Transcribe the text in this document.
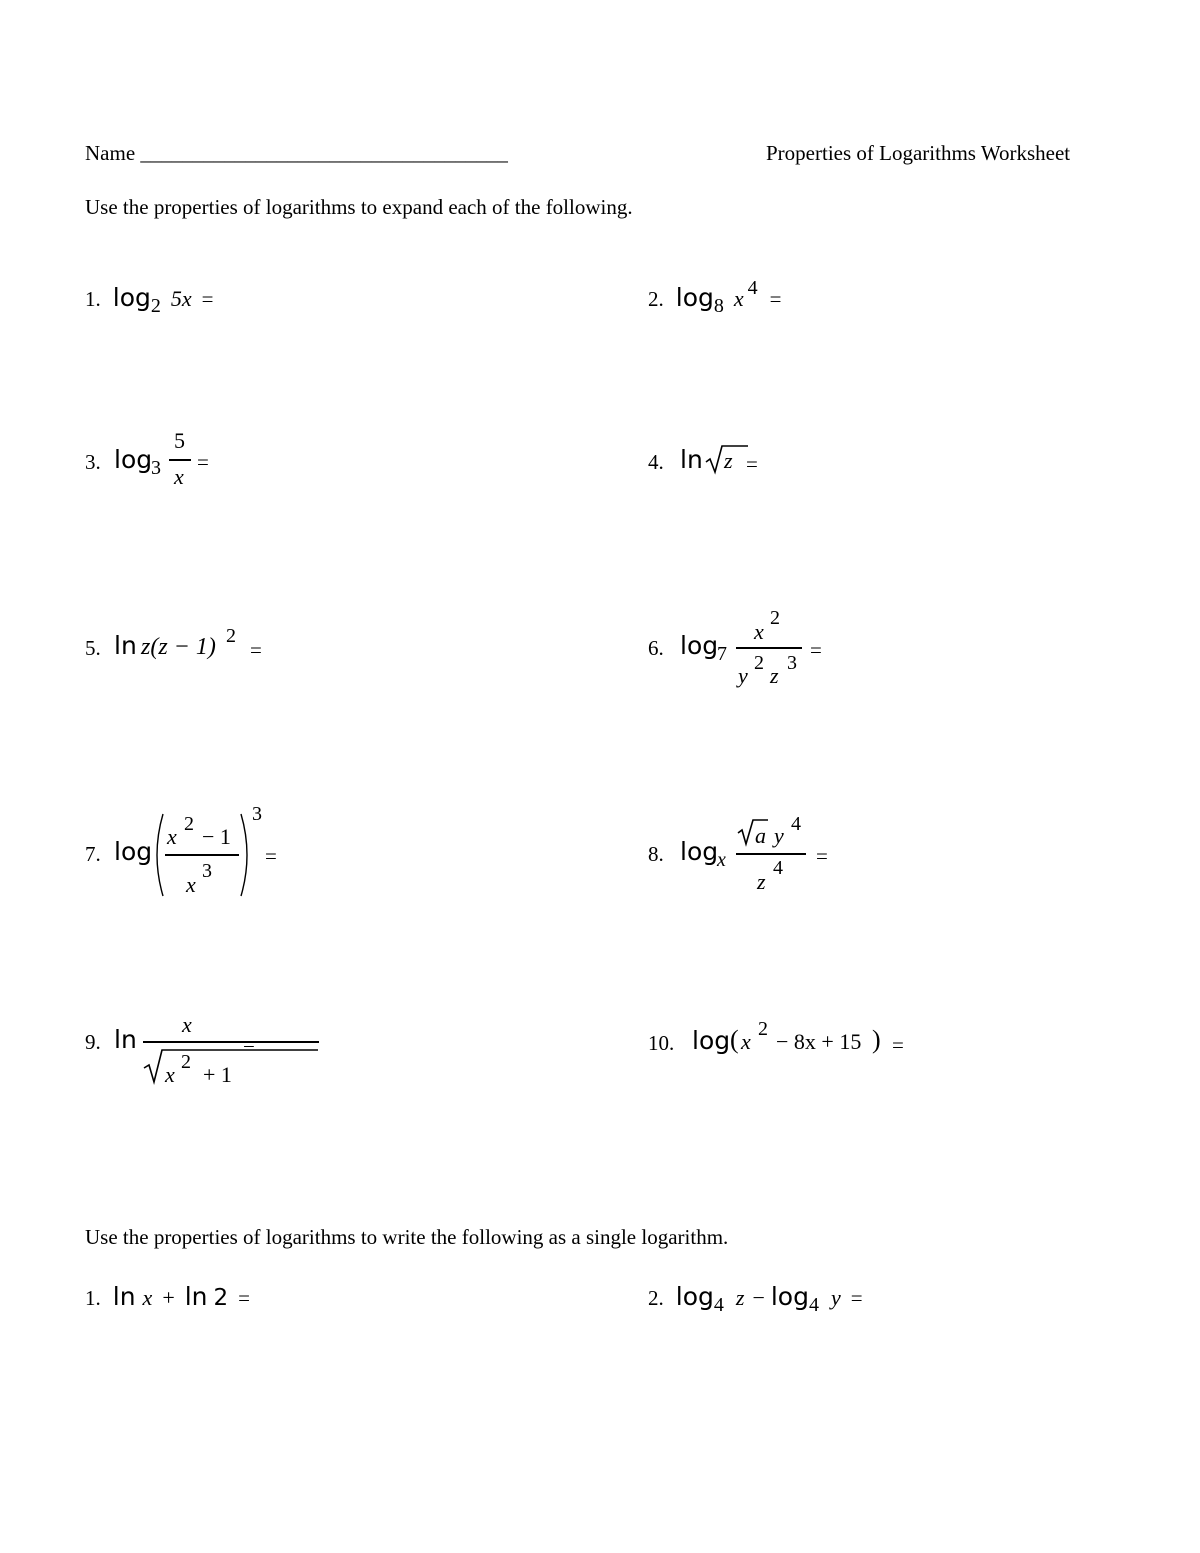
Name ___________________________________	Properties of Logarithms Worksheet
Use the properties of logarithms to expand each of the following.
1. log2 5x =	2. log8 x 4 =
3. log
3
5
x
=	4. ln z =
5. ln z(z − 1) 2
=	6. log
7
x
2
y 2 z 3
=
7. log
x 2 − 1
x
3
3
=	8. log
x
a y 4
z
4 =
9. ln
x
x 2 + 1
=	10. log ( x 2 − 8x + 15 ) =
Use the properties of logarithms to write the following as a single logarithm.
1. ln x + ln 2 =	2. log4 z − log4 y =
